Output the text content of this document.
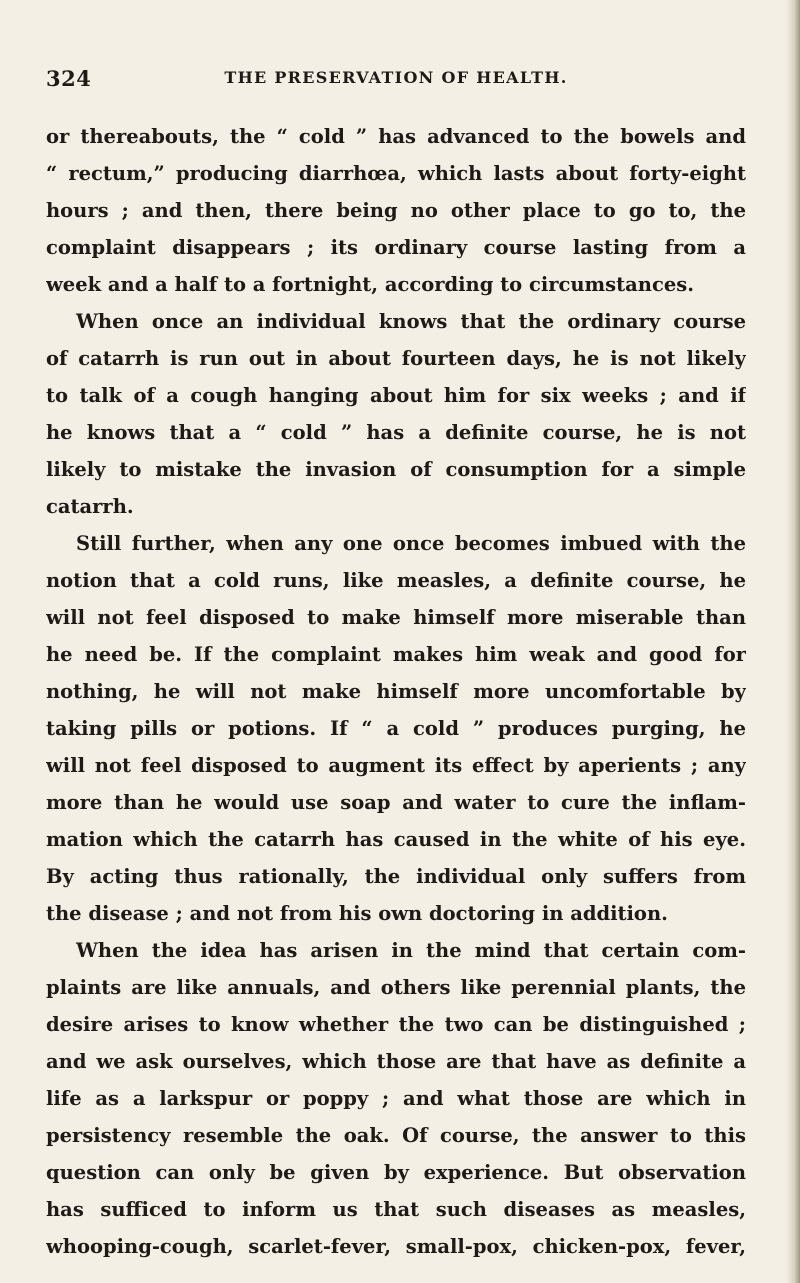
324	THE PRESERVATION OF HEALTH.
or thereabouts, the “ cold ” has advanced to the bowels and
“ rectum,” producing diarrhœa, which lasts about forty-eight
hours ; and then, there being no other place to go to, the
complaint disappears ; its ordinary course lasting from a
week and a half to a fortnight, according to circumstances.
When once an individual knows that the ordinary course
of catarrh is run out in about fourteen days, he is not likely
to talk of a cough hanging about him for six weeks ; and if
he knows that a “ cold ” has a definite course, he is not
likely to mistake the invasion of consumption for a simple
catarrh.
Still further, when any one once becomes imbued with the
notion that a cold runs, like measles, a definite course, he
will not feel disposed to make himself more miserable than
he need be. If the complaint makes him weak and good for
nothing, he will not make himself more uncomfortable by
taking pills or potions. If “ a cold ” produces purging, he
will not feel disposed to augment its effect by aperients ; any
more than he would use soap and water to cure the inflam-
mation which the catarrh has caused in the white of his eye.
By acting thus rationally, the individual only suffers from
the disease ; and not from his own doctoring in addition.
When the idea has arisen in the mind that certain com-
plaints are like annuals, and others like perennial plants, the
desire arises to know whether the two can be distinguished ;
and we ask ourselves, which those are that have as definite a
life as a larkspur or poppy ; and what those are which in
persistency resemble the oak. Of course, the answer to this
question can only be given by experience. But observation
has sufficed to inform us that such diseases as measles,
whooping-cough, scarlet-fever, small-pox, chicken-pox, fever,
